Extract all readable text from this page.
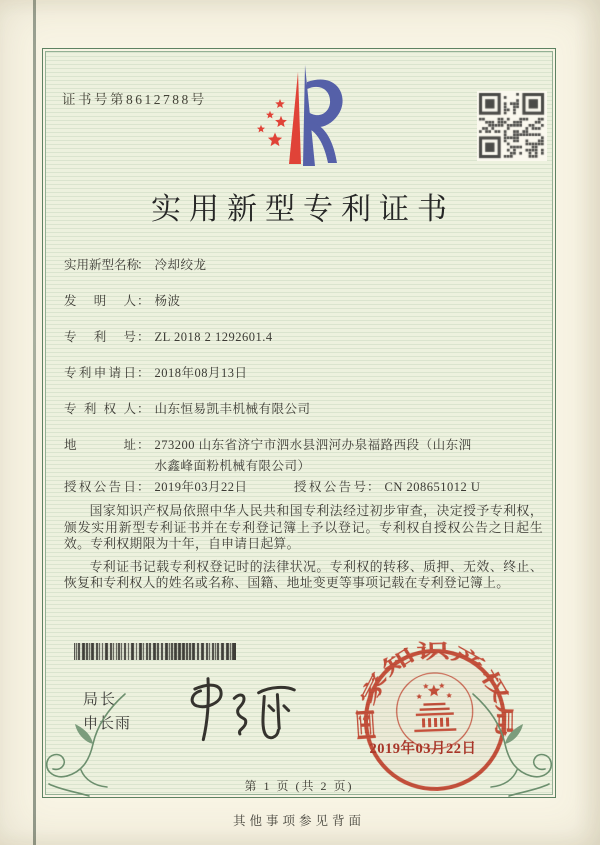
证书号第8612788号
实用新型专利证书
实用新型名称： 冷却绞龙
发明人： 杨波
专利号： ZL 2018 2 1292601.4
专利申请日： 2018年08月13日
专利权人： 山东恒易凯丰机械有限公司
地址： 273200 山东省济宁市泗水县泗河办泉福路西段（山东泗
水鑫峰面粉机械有限公司）
授权公告日： 2019年03月22日	授权公告号： CN 208651012 U

国家知识产权局依照中华人民共和国专利法经过初步审查，决定授予专利权，颁发实用新型专利证书并在专利登记簿上予以登记。专利权自授权公告之日起生效。专利权期限为十年，自申请日起算。

专利证书记载专利权登记时的法律状况。专利权的转移、质押、无效、终止、恢复和专利权人的姓名或名称、国籍、地址变更等事项记载在专利登记簿上。

局长
申长雨	国家知识产权局
2019年03月22日
第 1 页 (共 2 页)
其他事项参见背面
